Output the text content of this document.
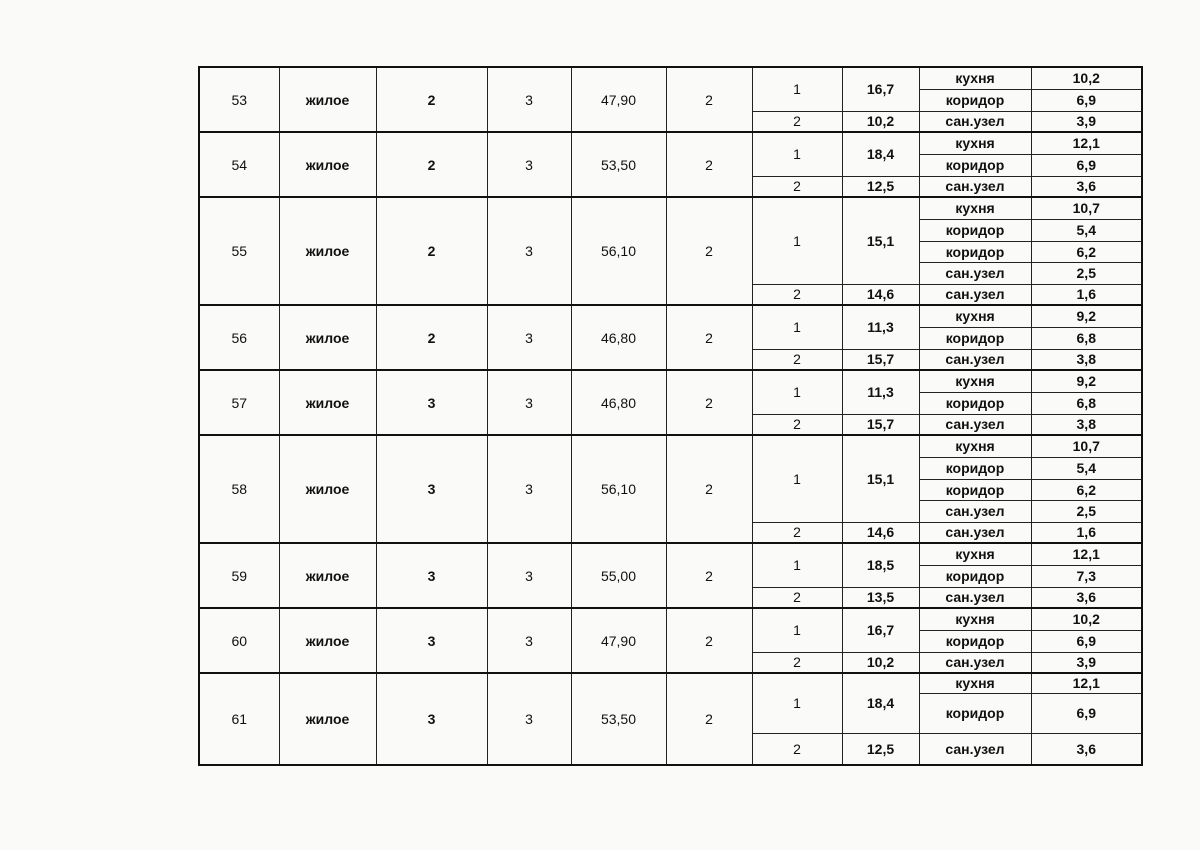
53	жилое	2	3	47,90	2	1	16,7	кухня	10,2
								коридор	6,9
						2	10,2	сан.узел	3,9
54	жилое	2	3	53,50	2	1	18,4	кухня	12,1
								коридор	6,9
						2	12,5	сан.узел	3,6
55	жилое	2	3	56,10	2	1	15,1	кухня	10,7
								коридор	5,4
								коридор	6,2
								сан.узел	2,5
						2	14,6	сан.узел	1,6
56	жилое	2	3	46,80	2	1	11,3	кухня	9,2
								коридор	6,8
						2	15,7	сан.узел	3,8
57	жилое	3	3	46,80	2	1	11,3	кухня	9,2
								коридор	6,8
						2	15,7	сан.узел	3,8
58	жилое	3	3	56,10	2	1	15,1	кухня	10,7
								коридор	5,4
								коридор	6,2
								сан.узел	2,5
						2	14,6	сан.узел	1,6
59	жилое	3	3	55,00	2	1	18,5	кухня	12,1
								коридор	7,3
						2	13,5	сан.узел	3,6
60	жилое	3	3	47,90	2	1	16,7	кухня	10,2
								коридор	6,9
						2	10,2	сан.узел	3,9
61	жилое	3	3	53,50	2	1	18,4	кухня	12,1
								коридор	6,9
						2	12,5	сан.узел	3,6
